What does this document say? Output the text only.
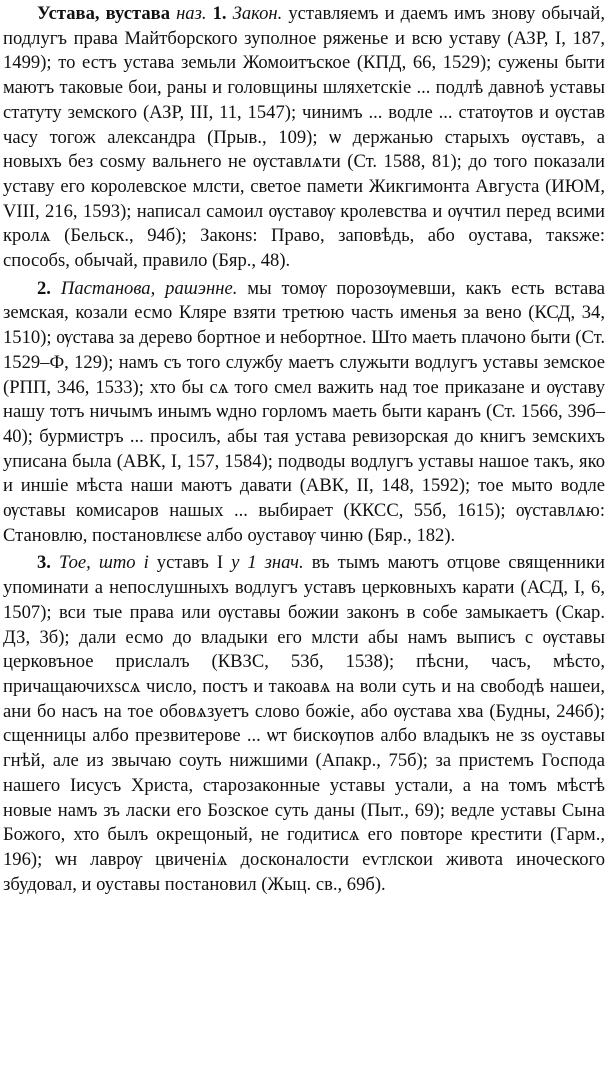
Устава, вустава наз. 1. Закон. уставляемъ и даемъ имъ знову обычай, подлугъ права Майтборского зуполное ряженье и всю уставу (АЗР, I, 187, 1499); то естъ устава земьли Жомоитъское (КПД, 66, 1529); сужены быти маютъ таковые бои, раны и головщины шляхетскіе ... подлѣ давноѣ уставы статуту земского (АЗР, III, 11, 1547); чинимъ ... водле ... статѹтов и ѹстав часу тогож александра (Прыв., 109); ѡ держанью старыхъ ѹставъ, а новыхъ без соѕму вальнего не ѹставлѧти (Ст. 1588, 81); до того показали уставу его королевское млсти, светое памети Жикгимонта Августа (ИЮМ, VIII, 216, 1593); написал самоил ѹставѹ кролевства и ѹчтил перед всими кролѧ (Бельск., 94б); Законѕ: Право, заповѣдь, або оустава, такѕже: способѕ, обычай, правило (Бяр., 48).

2. Пастанова, рашэнне. мы томѹ порозѹмевши, какъ есть встава земская, козали есмо Кляре взяти третюю часть именья за вено (КСД, 34, 1510); ѹстава за дерево бортное и небортное. Што маеть плачоно быти (Ст. 1529–Ф, 129); намъ съ того службу маетъ служыти водлугъ уставы земское (РПП, 346, 1533); хто бы сѧ того смел важить над тое приказане и ѹставу нашу тотъ ничымъ инымъ ѡдно горломъ маеть быти каранъ (Ст. 1566, 39б–40); бурмистръ ... просилъ, абы тая устава ревизорская до книгъ земскихъ уписана была (АВК, I, 157, 1584); подводы водлугъ уставы нашое такъ, яко и иншіе мѣста наши маютъ давати (АВК, II, 148, 1592); тое мыто водле ѹставы комисаров нашых ... выбирает (ККСС, 55б, 1615); ѹставлѧю: Становлю, постановлѥѕе албо оуставѹ чиню (Бяр., 182).

3. Тое, што і уставъ I у 1 знач. въ тымъ маютъ отцове священники упоминати а непослушныхъ водлугъ уставъ церковныхъ карати (АСД, I, 6, 1507); вси тые права или ѹставы божии законъ в собе замыкаетъ (Скар. ДЗ, 3б); дали есмо до владыки его млсти абы намъ выписъ с ѹставы церковъное прислалъ (КВЗС, 53б, 1538); пѣсни, часъ, мѣсто, причащаючихѕсѧ число, постъ и такоавѧ на воли суть и на свободѣ нашеи, ани бо насъ на тое обовѧзуетъ слово божіе, або ѹстава хва (Будны, 246б); сщенницы албо презвитерове ... ѡт бискѹпов албо владыкъ не зѕ оуставы гнѣй, але из звычаю соуть нижшими (Апакр., 75б); за пристемъ Господа нашего Іисусъ Христа, старозаконные уставы устали, а на томъ мѣстѣ новые намъ зъ ласки его Бозское суть даны (Пыт., 69); ведле уставы Сына Божого, хто былъ окрещоный, не годитисѧ его повторе крестити (Гарм., 196); ѡн лаврѹ цвиченіѧ досконалости еѵглскои живота иноческого збудовал, и оуставы постановил (Жыц. св., 69б).
